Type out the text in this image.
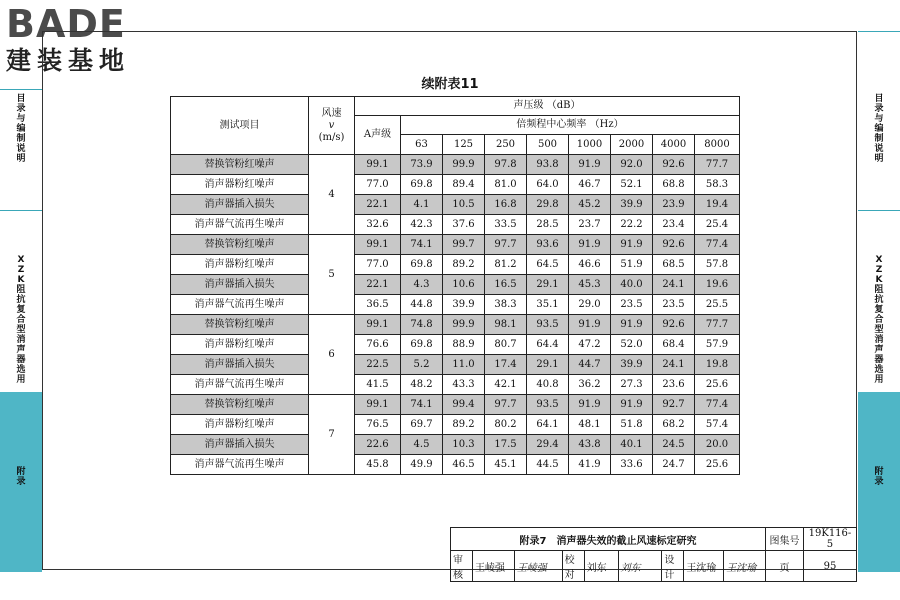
BADE
建装基地
目录与编制说明
XZK阻抗复合型消声器选用
附录
目录与编制说明
XZK阻抗复合型消声器选用
附录
续附表11
测试项目	风速
v
(m/s)	声压级 （dB）								
		A声级	倍频程中心频率 （Hz）							
			63	125	250	500	1000	2000	4000	8000
替换管粉红噪声	4	99.1	73.9	99.9	97.8	93.8	91.9	92.0	92.6	77.7
消声器粉红噪声		77.0	69.8	89.4	81.0	64.0	46.7	52.1	68.8	58.3
消声器插入损失		22.1	4.1	10.5	16.8	29.8	45.2	39.9	23.9	19.4
消声器气流再生噪声		32.6	42.3	37.6	33.5	28.5	23.7	22.2	23.4	25.4
替换管粉红噪声	5	99.1	74.1	99.7	97.7	93.6	91.9	91.9	92.6	77.4
消声器粉红噪声		77.0	69.8	89.2	81.2	64.5	46.6	51.9	68.5	57.8
消声器插入损失		22.1	4.3	10.6	16.5	29.1	45.3	40.0	24.1	19.6
消声器气流再生噪声		36.5	44.8	39.9	38.3	35.1	29.0	23.5	23.5	25.5
替换管粉红噪声	6	99.1	74.8	99.9	98.1	93.5	91.9	91.9	92.6	77.7
消声器粉红噪声		76.6	69.8	88.9	80.7	64.4	47.2	52.0	68.4	57.9
消声器插入损失		22.5	5.2	11.0	17.4	29.1	44.7	39.9	24.1	19.8
消声器气流再生噪声		41.5	48.2	43.3	42.1	40.8	36.2	27.3	23.6	25.6
替换管粉红噪声	7	99.1	74.1	99.4	97.7	93.5	91.9	91.9	92.7	77.4
消声器粉红噪声		76.5	69.7	89.2	80.2	64.1	48.1	51.8	68.2	57.4
消声器插入损失		22.6	4.5	10.3	17.5	29.4	43.8	40.1	24.5	20.0
消声器气流再生噪声		45.8	49.9	46.5	45.1	44.5	41.9	33.6	24.7	25.6
附录7　消声器失效的截止风速标定研究									图集号	19K116-5
审核	王崚强	王崚强	校对	刘东	刘东	设计	王沈瑜	王沈瑜	页	95
